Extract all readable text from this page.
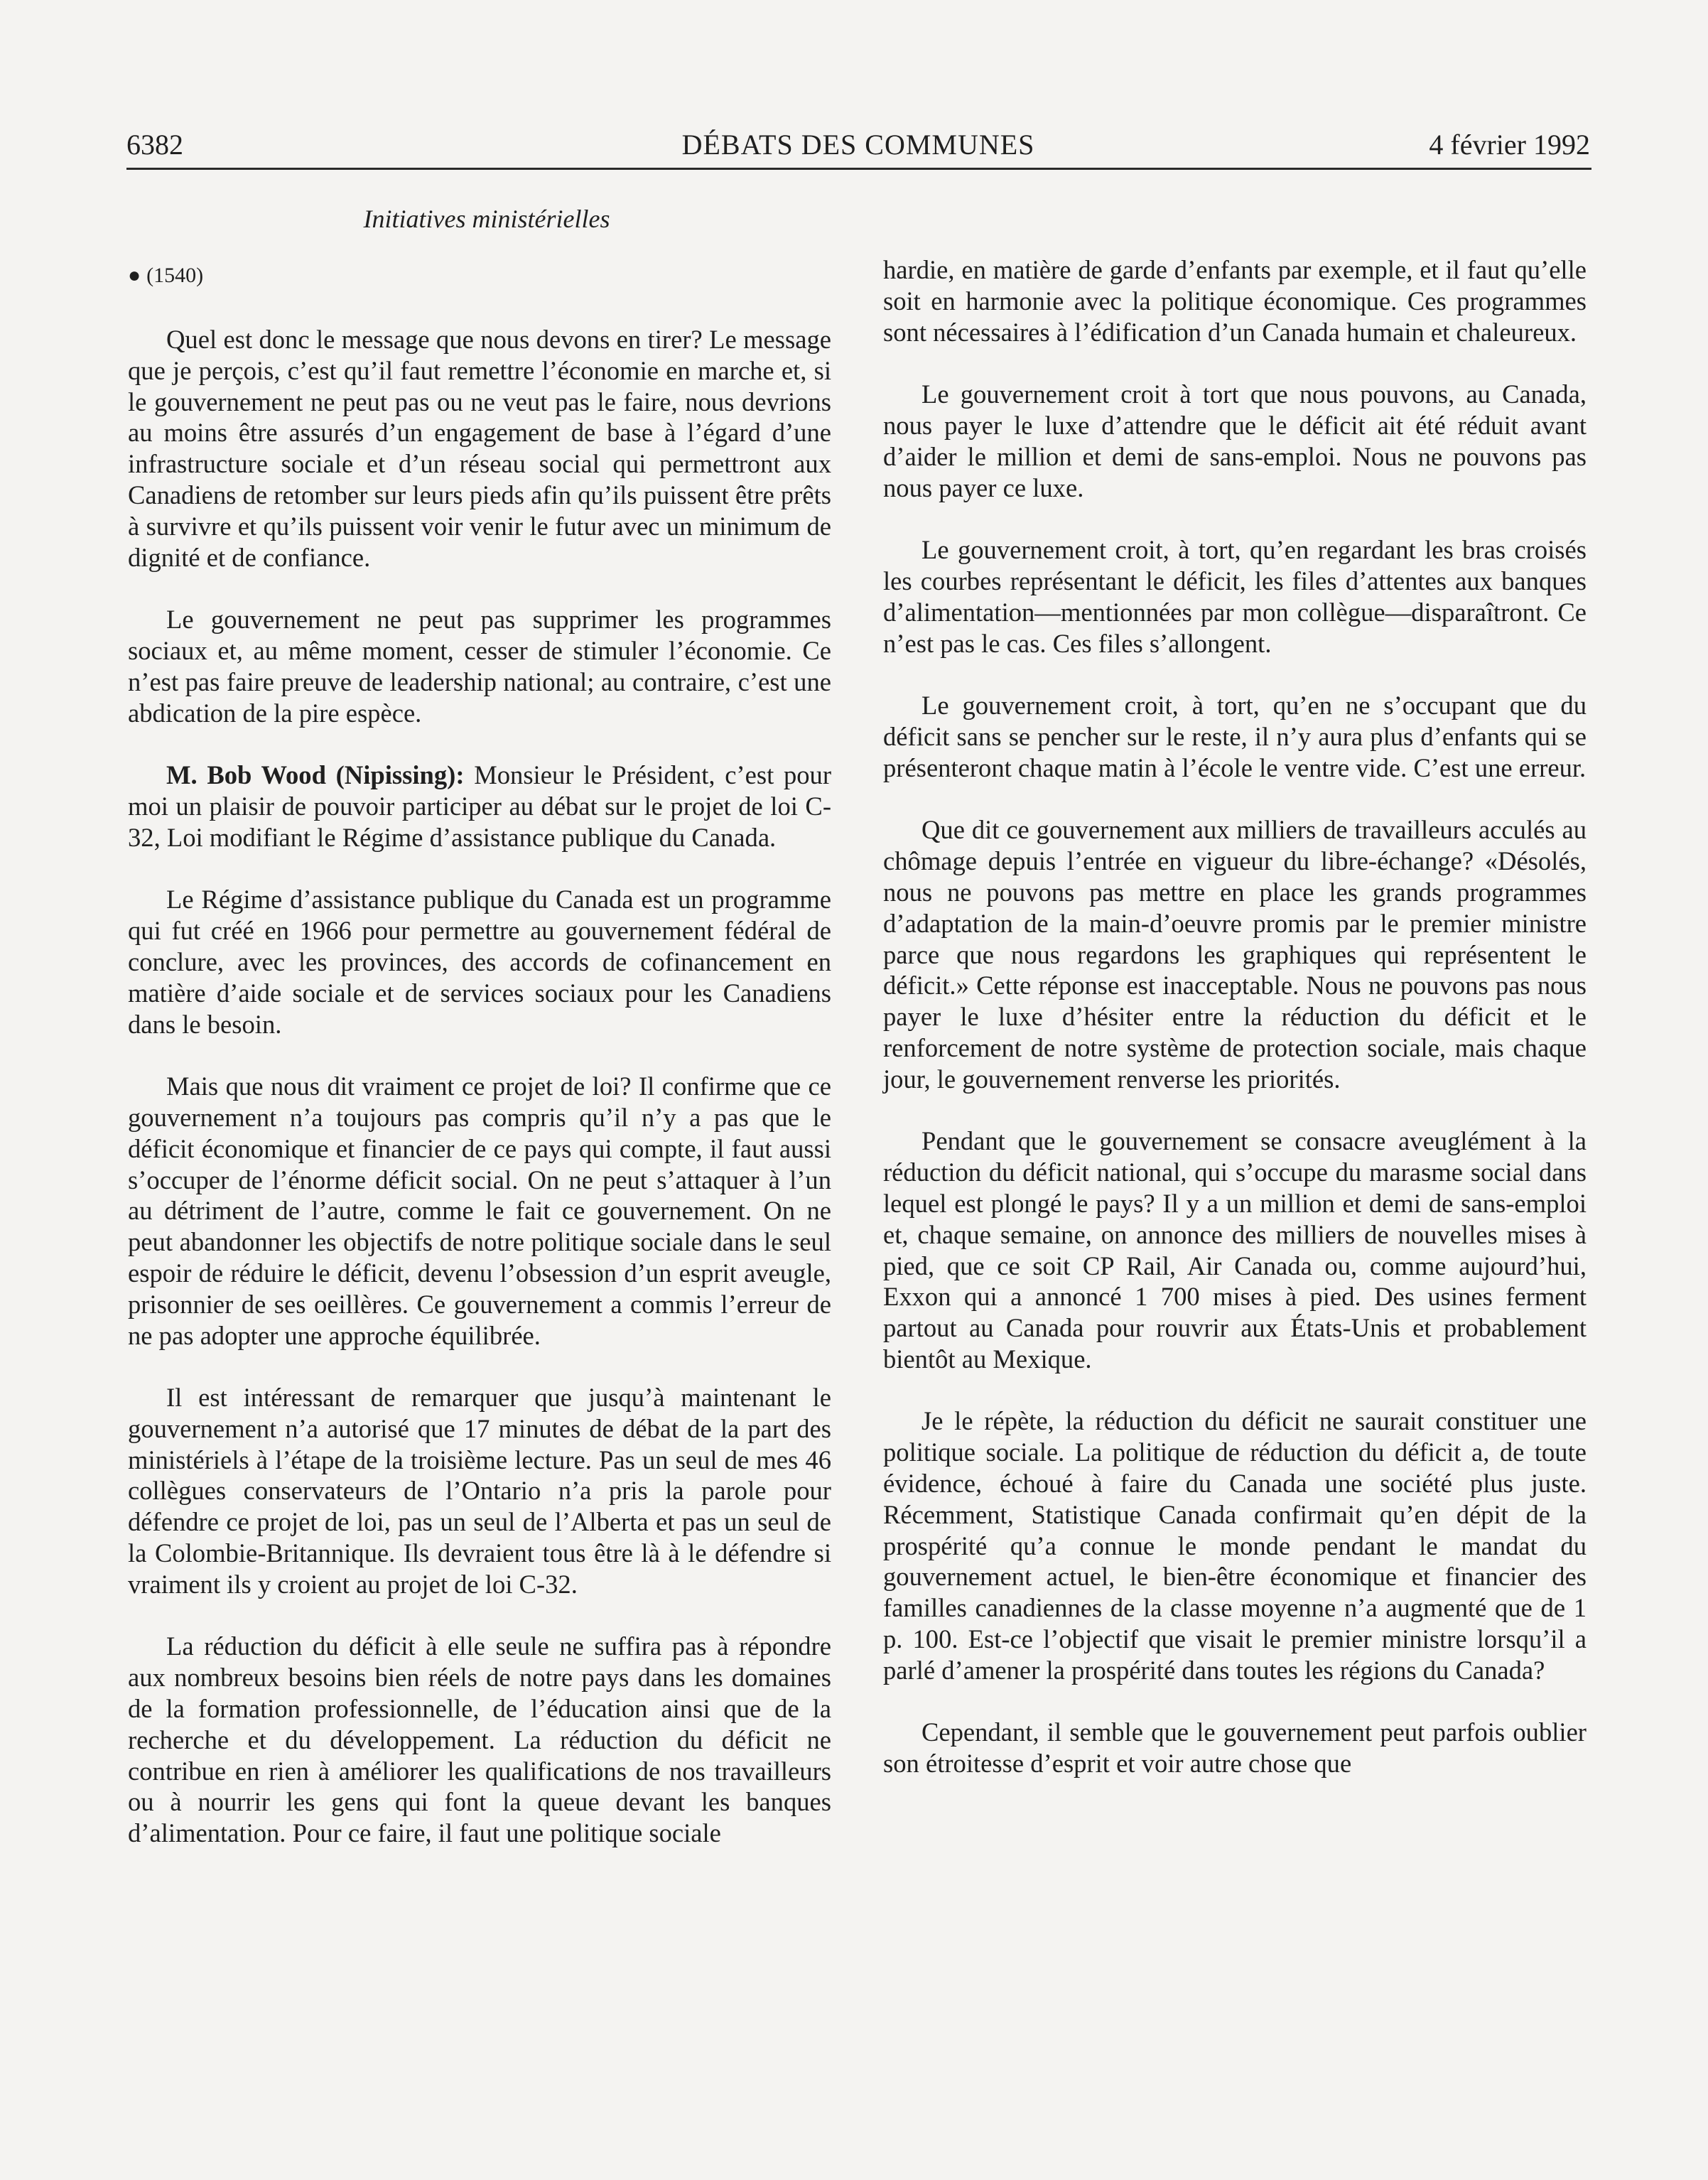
6382	DÉBATS DES COMMUNES	4 février 1992
Initiatives ministérielles
● (1540)

Quel est donc le message que nous devons en tirer? Le message que je perçois, c’est qu’il faut remettre l’économie en marche et, si le gouvernement ne peut pas ou ne veut pas le faire, nous devrions au moins être assurés d’un engagement de base à l’égard d’une infrastructure sociale et d’un réseau social qui permettront aux Canadiens de retomber sur leurs pieds afin qu’ils puissent être prêts à survivre et qu’ils puissent voir venir le futur avec un minimum de dignité et de confiance.

Le gouvernement ne peut pas supprimer les programmes sociaux et, au même moment, cesser de stimuler l’économie. Ce n’est pas faire preuve de leadership national; au contraire, c’est une abdication de la pire espèce.

M. Bob Wood (Nipissing): Monsieur le Président, c’est pour moi un plaisir de pouvoir participer au débat sur le projet de loi C-32, Loi modifiant le Régime d’assistance publique du Canada.

Le Régime d’assistance publique du Canada est un programme qui fut créé en 1966 pour permettre au gouvernement fédéral de conclure, avec les provinces, des accords de cofinancement en matière d’aide sociale et de services sociaux pour les Canadiens dans le besoin.

Mais que nous dit vraiment ce projet de loi? Il confirme que ce gouvernement n’a toujours pas compris qu’il n’y a pas que le déficit économique et financier de ce pays qui compte, il faut aussi s’occuper de l’énorme déficit social. On ne peut s’attaquer à l’un au détriment de l’autre, comme le fait ce gouvernement. On ne peut abandonner les objectifs de notre politique sociale dans le seul espoir de réduire le déficit, devenu l’obsession d’un esprit aveugle, prisonnier de ses oeillères. Ce gouvernement a commis l’erreur de ne pas adopter une approche équilibrée.

Il est intéressant de remarquer que jusqu’à maintenant le gouvernement n’a autorisé que 17 minutes de débat de la part des ministériels à l’étape de la troisième lecture. Pas un seul de mes 46 collègues conservateurs de l’Ontario n’a pris la parole pour défendre ce projet de loi, pas un seul de l’Alberta et pas un seul de la Colombie-Britannique. Ils devraient tous être là à le défendre si vraiment ils y croient au projet de loi C-32.

La réduction du déficit à elle seule ne suffira pas à répondre aux nombreux besoins bien réels de notre pays dans les domaines de la formation professionnelle, de l’éducation ainsi que de la recherche et du développement. La réduction du déficit ne contribue en rien à améliorer les qualifications de nos travailleurs ou à nourrir les gens qui font la queue devant les banques d’alimentation. Pour ce faire, il faut une politique sociale

hardie, en matière de garde d’enfants par exemple, et il faut qu’elle soit en harmonie avec la politique économique. Ces programmes sont nécessaires à l’édification d’un Canada humain et chaleureux.

Le gouvernement croit à tort que nous pouvons, au Canada, nous payer le luxe d’attendre que le déficit ait été réduit avant d’aider le million et demi de sans-emploi. Nous ne pouvons pas nous payer ce luxe.

Le gouvernement croit, à tort, qu’en regardant les bras croisés les courbes représentant le déficit, les files d’attentes aux banques d’alimentation—mentionnées par mon collègue—disparaîtront. Ce n’est pas le cas. Ces files s’allongent.

Le gouvernement croit, à tort, qu’en ne s’occupant que du déficit sans se pencher sur le reste, il n’y aura plus d’enfants qui se présenteront chaque matin à l’école le ventre vide. C’est une erreur.

Que dit ce gouvernement aux milliers de travailleurs acculés au chômage depuis l’entrée en vigueur du libre-échange? «Désolés, nous ne pouvons pas mettre en place les grands programmes d’adaptation de la main-d’oeuvre promis par le premier ministre parce que nous regardons les graphiques qui représentent le déficit.» Cette réponse est inacceptable. Nous ne pouvons pas nous payer le luxe d’hésiter entre la réduction du déficit et le renforcement de notre système de protection sociale, mais chaque jour, le gouvernement renverse les priorités.

Pendant que le gouvernement se consacre aveuglément à la réduction du déficit national, qui s’occupe du marasme social dans lequel est plongé le pays? Il y a un million et demi de sans-emploi et, chaque semaine, on annonce des milliers de nouvelles mises à pied, que ce soit CP Rail, Air Canada ou, comme aujourd’hui, Exxon qui a annoncé 1 700 mises à pied. Des usines ferment partout au Canada pour rouvrir aux États-Unis et probablement bientôt au Mexique.

Je le répète, la réduction du déficit ne saurait constituer une politique sociale. La politique de réduction du déficit a, de toute évidence, échoué à faire du Canada une société plus juste. Récemment, Statistique Canada confirmait qu’en dépit de la prospérité qu’a connue le monde pendant le mandat du gouvernement actuel, le bien-être économique et financier des familles canadiennes de la classe moyenne n’a augmenté que de 1 p. 100. Est-ce l’objectif que visait le premier ministre lorsqu’il a parlé d’amener la prospérité dans toutes les régions du Canada?

Cependant, il semble que le gouvernement peut parfois oublier son étroitesse d’esprit et voir autre chose que
